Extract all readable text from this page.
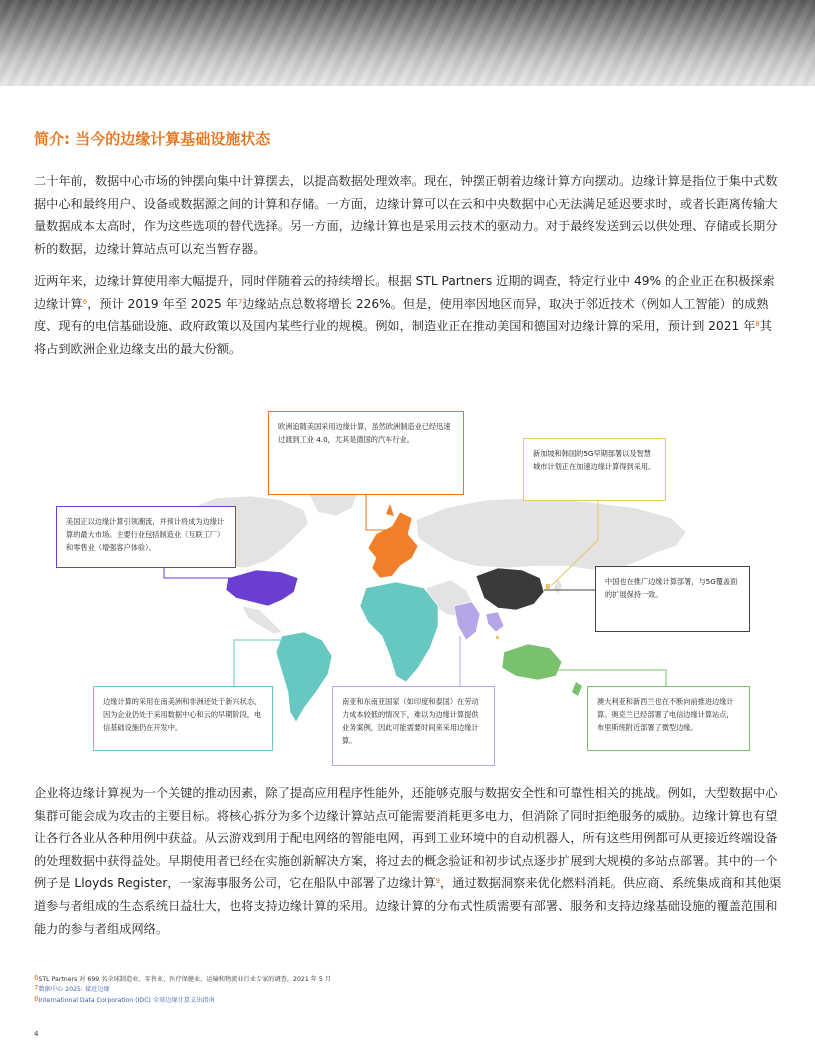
简介: 当今的边缘计算基础设施状态

二十年前，数据中心市场的钟摆向集中计算摆去，以提高数据处理效率。现在，钟摆正朝着边缘计算方向摆动。边缘计算是指位于集中式数据中心和最终用户、设备或数据源之间的计算和存储。一方面，边缘计算可以在云和中央数据中心无法满足延迟要求时，或者长距离传输大量数据成本太高时，作为这些选项的替代选择。另一方面，边缘计算也是采用云技术的驱动力。对于最终发送到云以供处理、存储或长期分析的数据，边缘计算站点可以充当暂存器。

近两年来，边缘计算使用率大幅提升，同时伴随着云的持续增长。根据 STL Partners 近期的调查，特定行业中 49% 的企业正在积极探索边缘计算$^6$，预计 2019 年至 2025 年$^7$边缘站点总数将增长 226%。但是，使用率因地区而异，取决于邻近技术（例如人工智能）的成熟度、现有的电信基础设施、政府政策以及国内某些行业的规模。例如，制造业正在推动美国和德国对边缘计算的采用，预计到 2021 年$^8$其将占到欧洲企业边缘支出的最大份额。

欧洲追随美国采用边缘计算，虽然欧洲制造业已经迅速过渡到工业 4.0，尤其是德国的汽车行业。
新加坡和韩国的5G早期部署以及智慧城市计划正在加速边缘计算得到采用。
美国正以边缘计算引领潮流，并预计将成为边缘计算的最大市场。主要行业包括制造业（互联工厂）和零售业（增强客户体验）。
中国也在推广边缘计算部署，与5G覆盖面的扩展保持一致。
边缘计算的采用在南美洲和非洲还处于新兴状态，因为企业仍处于采用数据中心和云的早期阶段，电信基础设施仍在开发中。
南亚和东南亚国家（如印度和泰国）在劳动力成本较低的情况下，难以为边缘计算提供业务案例，因此可能需要时间来采用边缘计算。
澳大利亚和新西兰也在不断向前推进边缘计算。奥克兰已经部署了电信边缘计算站点，布里斯班附近部署了微型边缘。

企业将边缘计算视为一个关键的推动因素，除了提高应用程序性能外，还能够克服与数据安全性和可靠性相关的挑战。例如，大型数据中心集群可能会成为攻击的主要目标。将核心拆分为多个边缘计算站点可能需要消耗更多电力，但消除了同时拒绝服务的威胁。边缘计算也有望让各行各业从各种用例中获益。从云游戏到用于配电网络的智能电网，再到工业环境中的自动机器人，所有这些用例都可从更接近终端设备的处理数据中获得益处。早期使用者已经在实施创新解决方案，将过去的概念验证和初步试点逐步扩展到大规模的多站点部署。其中的一个例子是 Lloyds Register，一家海事服务公司，它在船队中部署了边缘计算$^9$，通过数据洞察来优化燃料消耗。供应商、系统集成商和其他渠道参与者组成的生态系统日益壮大，也将支持边缘计算的采用。边缘计算的分布式性质需要有部署、服务和支持边缘基础设施的覆盖范围和能力的参与者组成网络。

$^6$STL Partners 对 699 名全球制造业、零售业、医疗保健业、运输和物流业行业专家的调查，2021 年 5 月
$^7$数据中心 2025: 接近边缘
$^8$International Data Corporation (IDC) 全球边缘计算支出指南
4
